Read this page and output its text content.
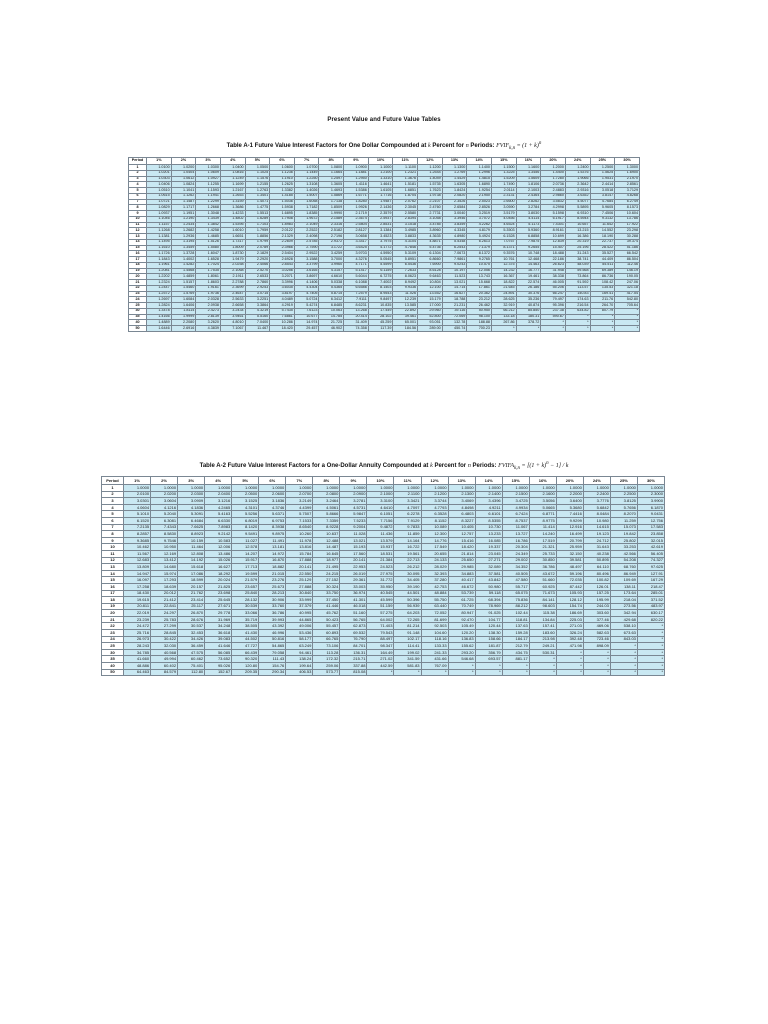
Present Value and Future Value Tables
Table A-1 Future Value Interest Factors for One Dollar Compounded at k Percent for n Periods: $FVIF_{k,n} = (1 + k)^n$
Period	1%	2%	3%	4%	5%	6%	7%	8%	9%	10%	11%	12%	13%	14%	15%	16%	20%	24%	25%	30%
1	1.0100	1.0200	1.0300	1.0400	1.0500	1.0600	1.0700	1.0800	1.0900	1.1000	1.1100	1.1200	1.1300	1.1400	1.1500	1.1600	1.2000	1.2400	1.2500	1.3000
2	1.0201	1.0404	1.0609	1.0816	1.1025	1.1236	1.1449	1.1664	1.1881	1.2100	1.2321	1.2544	1.2769	1.2996	1.3225	1.3456	1.4400	1.5376	1.5625	1.6900
3	1.0303	1.0612	1.0927	1.1249	1.1576	1.1910	1.2250	1.2597	1.2950	1.3310	1.3676	1.4049	1.4429	1.4815	1.5209	1.5609	1.7280	1.9066	1.9531	2.1970
4	1.0406	1.0824	1.1255	1.1699	1.2155	1.2625	1.3108	1.3605	1.4116	1.4641	1.5181	1.5735	1.6305	1.6890	1.7490	1.8106	2.0736	2.3642	2.4414	2.8561
5	1.0510	1.1041	1.1593	1.2167	1.2763	1.3382	1.4026	1.4693	1.5386	1.6105	1.6851	1.7623	1.8424	1.9254	2.0114	2.1003	2.4883	2.9316	3.0518	3.7129
6	1.0615	1.1262	1.1941	1.2653	1.3401	1.4185	1.5007	1.5869	1.6771	1.7716	1.8704	1.9738	2.0820	2.1950	2.3131	2.4364	2.9860	3.6352	3.8147	4.8268
7	1.0721	1.1487	1.2299	1.3159	1.4071	1.5036	1.6058	1.7138	1.8280	1.9487	2.0762	2.2107	2.3526	2.5023	2.6600	2.8262	3.5832	4.5077	4.7684	6.2749
8	1.0829	1.1717	1.2668	1.3686	1.4775	1.5938	1.7182	1.8509	1.9926	2.1436	2.3045	2.4760	2.6584	2.8526	3.0590	3.2784	4.2998	5.5895	5.9605	8.1573
9	1.0937	1.1951	1.3048	1.4233	1.5513	1.6895	1.8385	1.9990	2.1719	2.3579	2.5580	2.7731	3.0040	3.2519	3.5179	3.8030	5.1598	6.9310	7.4506	10.604
10	1.1046	1.2190	1.3439	1.4802	1.6289	1.7908	1.9672	2.1589	2.3674	2.5937	2.8394	3.1058	3.3946	3.7072	4.0456	4.4114	6.1917	8.5944	9.3132	13.786
11	1.1157	1.2434	1.3842	1.5395	1.7103	1.8983	2.1049	2.3316	2.5804	2.8531	3.1518	3.4785	3.8359	4.2262	4.6524	5.1173	7.4301	10.657	11.642	17.922
12	1.1268	1.2682	1.4258	1.6010	1.7959	2.0122	2.2522	2.5182	2.8127	3.1384	3.4985	3.8960	4.3345	4.8179	5.3503	5.9360	8.9161	13.215	14.552	23.298
13	1.1381	1.2936	1.4685	1.6651	1.8856	2.1329	2.4098	2.7196	3.0658	3.4523	3.8833	4.3635	4.8980	5.4924	6.1528	6.8858	10.699	16.386	18.190	30.288
14	1.1495	1.3195	1.5126	1.7317	1.9799	2.2609	2.5785	2.9372	3.3417	3.7975	4.3104	4.8871	5.5348	6.2613	7.0757	7.9875	12.839	20.319	22.737	39.374
15	1.1610	1.3459	1.5580	1.8009	2.0789	2.3966	2.7590	3.1722	3.6425	4.1772	4.7846	5.4736	6.2543	7.1379	8.1371	9.2655	15.407	25.196	28.422	51.186
16	1.1726	1.3728	1.6047	1.8730	2.1829	2.5404	2.9522	3.4259	3.9703	4.5950	5.3109	6.1304	7.0673	8.1372	9.3576	10.748	18.488	31.243	35.527	66.542
17	1.1843	1.4002	1.6528	1.9479	2.2920	2.6928	3.1588	3.7000	4.3276	5.0545	5.8951	6.8660	7.9861	9.2765	10.761	12.468	22.186	38.741	44.409	86.504
18	1.1961	1.4282	1.7024	2.0258	2.4066	2.8543	3.3799	3.9960	4.7171	5.5599	6.5436	7.6900	9.0243	10.575	12.375	14.463	26.623	48.039	55.511	112.46
19	1.2081	1.4568	1.7535	2.1068	2.5270	3.0256	3.6165	4.3157	5.1417	6.1159	7.2633	8.6128	10.197	12.056	14.232	16.777	31.948	59.568	69.389	146.19
20	1.2202	1.4859	1.8061	2.1911	2.6533	3.2071	3.8697	4.6610	5.6044	6.7275	8.0623	9.6463	11.523	13.743	16.367	19.461	38.338	73.864	86.736	190.05
21	1.2324	1.5157	1.8603	2.2788	2.7860	3.3996	4.1406	5.0338	6.1088	7.4002	8.9492	10.804	13.021	15.668	18.822	22.574	46.005	91.592	108.42	247.06
22	1.2447	1.5460	1.9161	2.3699	2.9253	3.6035	4.4304	5.4365	6.6586	8.1403	9.9336	12.100	14.714	17.861	21.645	26.186	55.206	113.57	135.53	321.18
23	1.2572	1.5769	1.9736	2.4647	3.0715	3.8197	4.7405	5.8715	7.2579	8.9543	11.026	13.552	16.627	20.362	24.891	30.376	66.247	140.83	169.41	417.54
24	1.2697	1.6084	2.0328	2.5633	3.2251	4.0489	5.0724	6.3412	7.9111	9.8497	12.239	15.179	18.788	23.212	28.625	35.236	79.497	174.63	211.76	542.80
25	1.2824	1.6406	2.0938	2.6658	3.3864	4.2919	5.4274	6.8485	8.6231	10.835	13.585	17.000	21.231	26.462	32.919	40.874	95.396	216.54	264.70	705.64
30	1.3478	1.8114	2.4273	3.2434	4.3219	5.7435	7.6123	10.063	13.268	17.449	22.892	29.960	39.116	50.950	66.212	85.850	237.38	634.82	807.79	*
35	1.4166	1.9999	2.8139	3.9461	5.5160	7.6861	10.677	14.785	20.414	28.102	39.461	52.800	72.069	98.100	133.18	180.31	590.67	*	*	*
40	1.4889	2.2080	3.2620	4.8010	7.0400	10.286	14.974	21.725	31.409	45.259	65.001	93.051	132.78	188.88	267.86	378.72	*	*	*	*
50	1.6446	2.6916	4.3839	7.1067	11.467	18.420	29.457	46.902	74.358	117.39	184.56	289.00	450.74	700.23	*	*	*	*	*	*
Table A-2 Future Value Interest Factors for a One-Dollar Annuity Compounded at k Percent for n Periods: $FVIFA_{k,n} = [(1 + k)^n - 1] / k$
Period	1%	2%	3%	4%	5%	6%	7%	8%	9%	10%	11%	12%	13%	14%	15%	16%	20%	24%	25%	30%
1	1.0000	1.0000	1.0000	1.0000	1.0000	1.0000	1.0000	1.0000	1.0000	1.0000	1.0000	1.0000	1.0000	1.0000	1.0000	1.0000	1.0000	1.0000	1.0000	1.0000
2	2.0100	2.0200	2.0300	2.0400	2.0500	2.0600	2.0700	2.0800	2.0900	2.1000	2.1100	2.1200	2.1300	2.1400	2.1500	2.1600	2.2000	2.2400	2.2500	2.3000
3	3.0301	3.0604	3.0909	3.1216	3.1525	3.1836	3.2149	3.2464	3.2781	3.3100	3.3421	3.3744	3.4069	3.4396	3.4725	3.5056	3.6400	3.7776	3.8125	3.9900
4	4.0604	4.1216	4.1836	4.2465	4.3101	4.3746	4.4399	4.5061	4.5731	4.6410	4.7097	4.7793	4.8498	4.9211	4.9934	5.0665	5.3680	5.6842	5.7656	6.1870
5	5.1010	5.2040	5.3091	5.4163	5.5256	5.6371	5.7507	5.8666	5.9847	6.1051	6.2278	6.3528	6.4803	6.6101	6.7424	6.8771	7.4416	8.0484	8.2070	9.0431
6	6.1520	6.3081	6.4684	6.6330	6.8019	6.9753	7.1533	7.3359	7.5233	7.7156	7.9129	8.1152	8.3227	8.5355	8.7537	8.9775	9.9299	10.980	11.259	12.756
7	7.2135	7.4343	7.6625	7.8983	8.1420	8.3938	8.6540	8.9228	9.2004	9.4872	9.7833	10.089	10.405	10.730	11.067	11.414	12.916	14.615	15.073	17.583
8	8.2857	8.5830	8.8923	9.2142	9.5491	9.8975	10.260	10.637	11.028	11.436	11.859	12.300	12.757	13.233	13.727	14.240	16.499	19.123	19.842	23.858
9	9.3685	9.7546	10.159	10.583	11.027	11.491	11.978	12.488	13.021	13.579	14.164	14.776	15.416	16.085	16.786	17.519	20.799	24.712	25.802	32.015
10	10.462	10.950	11.464	12.006	12.578	13.181	13.816	14.487	15.193	15.937	16.722	17.549	18.420	19.337	20.304	21.321	25.959	31.643	33.253	42.619
11	11.567	12.169	12.808	13.486	14.207	14.972	15.784	16.645	17.560	18.531	19.561	20.655	21.814	23.045	24.349	25.733	32.150	40.238	42.566	56.405
12	12.683	13.412	14.192	15.026	15.917	16.870	17.888	18.977	20.141	21.384	22.713	24.133	25.650	27.271	29.002	30.850	39.581	50.895	54.208	74.327
13	13.809	14.680	15.618	16.627	17.713	18.882	20.141	21.495	22.953	24.523	26.212	28.029	29.985	32.089	34.352	36.786	48.497	64.110	68.760	97.625
14	14.947	15.974	17.086	18.292	19.599	21.015	22.550	24.215	26.019	27.975	30.095	32.393	34.883	37.581	40.505	43.672	59.196	80.496	86.949	127.91
15	16.097	17.293	18.599	20.024	21.579	23.276	25.129	27.152	29.361	31.772	34.405	37.280	40.417	43.842	47.580	51.660	72.035	100.82	109.69	167.29
16	17.258	18.639	20.157	21.825	23.657	25.673	27.888	30.324	33.003	35.950	39.190	42.753	46.672	50.980	55.717	60.925	87.442	126.01	138.11	218.47
17	18.430	20.012	21.762	23.698	25.840	28.213	30.840	33.750	36.974	40.545	44.501	48.884	53.739	59.118	65.075	71.673	105.93	157.25	173.64	285.01
18	19.615	21.412	23.414	25.645	28.132	30.906	33.999	37.450	41.301	45.599	50.396	55.750	61.725	68.394	75.836	84.141	128.12	195.99	218.04	371.52
19	20.811	22.841	25.117	27.671	30.539	33.760	37.379	41.446	46.018	51.159	56.939	63.440	70.749	78.969	88.212	98.603	154.74	244.03	273.56	483.97
20	22.019	24.297	26.870	29.778	33.066	36.786	40.995	45.762	51.160	57.275	64.203	72.052	80.947	91.025	102.44	115.38	186.69	303.60	342.94	630.17
21	23.239	25.783	28.676	31.969	35.719	39.993	44.865	50.423	56.765	64.002	72.265	81.699	92.470	104.77	118.81	134.84	225.03	377.46	429.68	820.22
22	24.472	27.299	30.537	34.248	38.505	43.392	49.006	55.457	62.873	71.403	81.214	92.503	105.49	120.44	137.63	157.41	271.03	469.06	538.10	*
23	25.716	28.845	32.453	36.618	41.430	46.996	53.436	60.893	69.532	79.543	91.148	104.60	120.20	138.30	159.28	183.60	326.24	582.63	673.63	*
24	26.973	30.422	34.426	39.083	44.502	50.816	58.177	66.765	76.790	88.497	102.17	118.16	136.83	158.66	184.17	213.98	392.48	723.46	843.03	*
25	28.243	32.030	36.459	41.646	47.727	54.865	63.249	73.106	84.701	98.347	114.41	133.33	155.62	181.87	212.79	249.21	471.98	898.09	*	*
30	34.785	40.568	47.575	56.085	66.439	79.058	94.461	113.28	136.31	164.49	199.02	241.33	293.20	356.79	434.75	530.31	*	*	*	*
35	41.660	49.994	60.462	73.652	90.320	111.43	138.24	172.32	215.71	271.02	341.59	431.66	546.68	693.57	881.17	*	*	*	*	*
40	48.886	60.402	75.401	95.026	120.80	154.76	199.64	259.06	337.88	442.59	581.83	767.09	*	*	*	*	*	*	*	*
50	64.463	84.579	112.80	152.67	209.35	290.34	406.53	573.77	815.08	*	*	*	*	*	*	*	*	*	*	*
